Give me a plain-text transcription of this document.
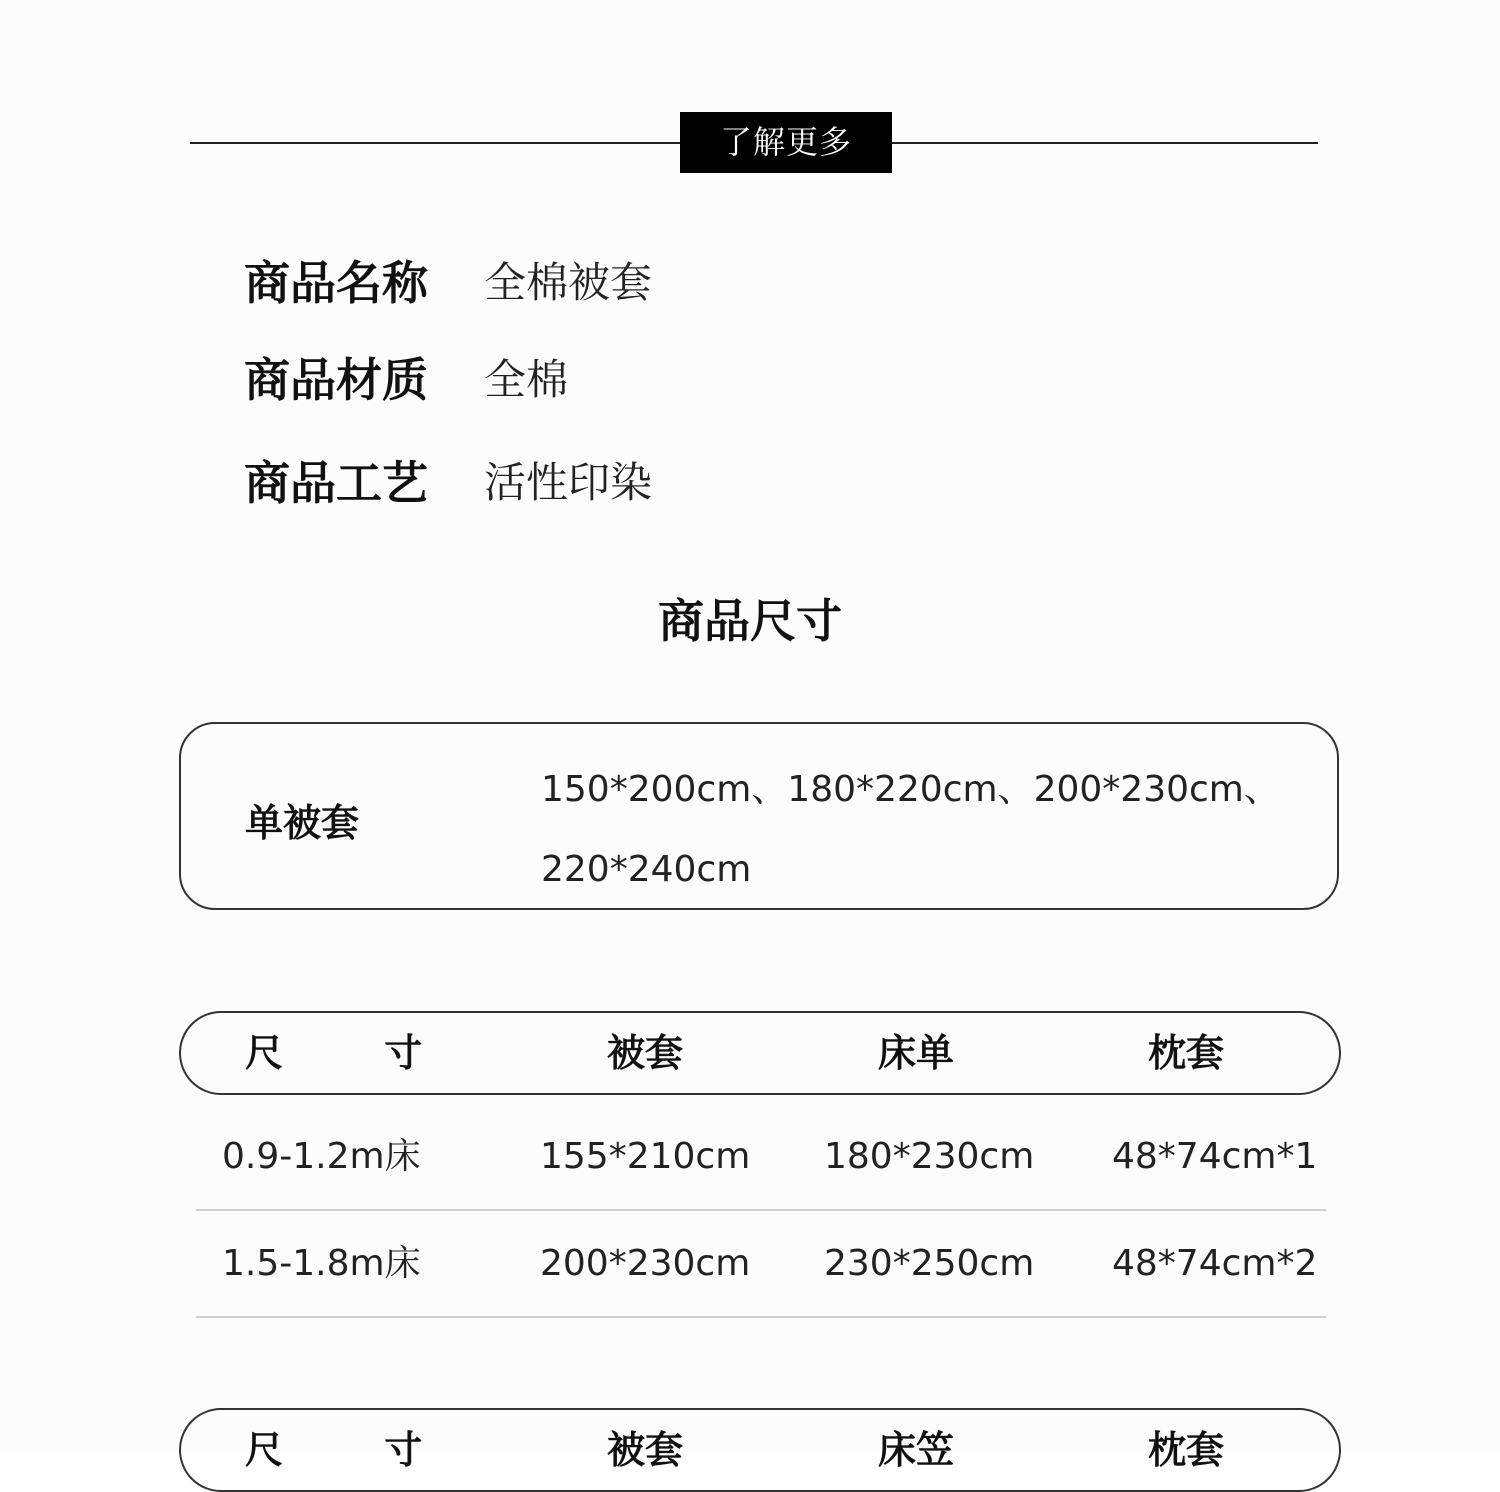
了解更多
商品名称	全棉被套
商品材质	全棉
商品工艺	活性印染
商品尺寸
单被套
150*200cm、180*220cm、200*230cm、
220*240cm
尺 寸	被套	床单	枕套
0.9-1.2m床	155*210cm 180*230cm 48*74cm*1
1.5-1.8m床	200*230cm 230*250cm 48*74cm*2
尺 寸	被套	床笠	枕套
